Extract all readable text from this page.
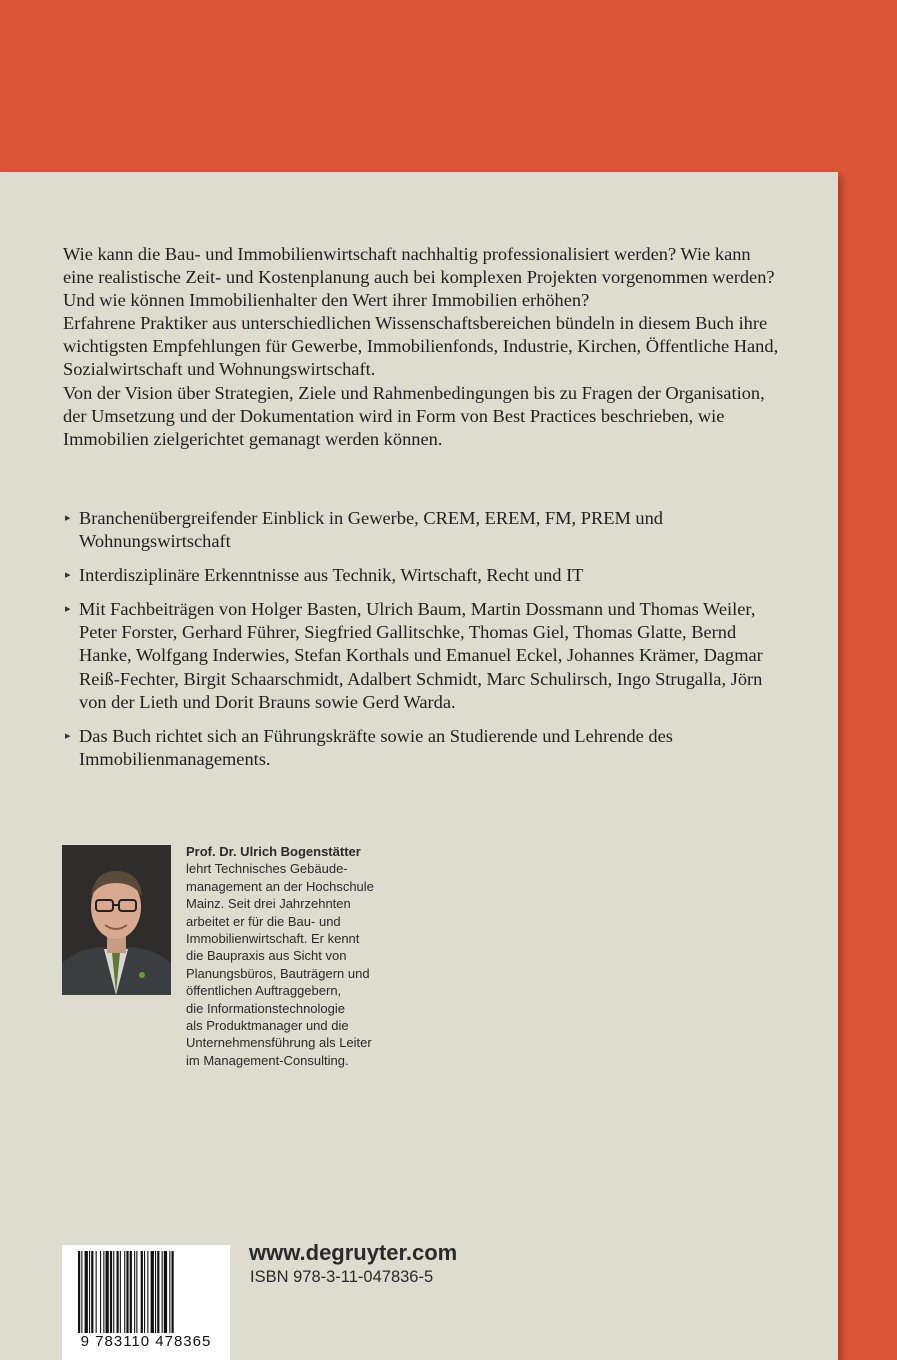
Wie kann die Bau- und Immobilienwirtschaft nachhaltig professionalisiert werden? Wie kann eine realistische Zeit- und Kostenplanung auch bei komplexen Projekten vorgenommen werden? Und wie können Immobilienhalter den Wert ihrer Immobilien erhöhen?

Erfahrene Praktiker aus unterschiedlichen Wissenschaftsbereichen bündeln in diesem Buch ihre wichtigsten Empfehlungen für Gewerbe, Immobilienfonds, Industrie, Kirchen, Öffentliche Hand, Sozialwirtschaft und Wohnungswirtschaft.

Von der Vision über Strategien, Ziele und Rahmenbedingungen bis zu Fragen der Organisation, der Umsetzung und der Dokumentation wird in Form von Best Practices beschrieben, wie Immobilien zielgerichtet gemanagt werden können.

▸ Branchenübergreifender Einblick in Gewerbe, CREM, EREM, FM, PREM und Wohnungswirtschaft
▸ Interdisziplinäre Erkenntnisse aus Technik, Wirtschaft, Recht und IT
▸ Mit Fachbeiträgen von Holger Basten, Ulrich Baum, Martin Dossmann und Thomas Weiler, Peter Forster, Gerhard Führer, Siegfried Gallitschke, Thomas Giel, Thomas Glatte, Bernd Hanke, Wolfgang Inderwies, Stefan Korthals und Emanuel Eckel, Johannes Krämer, Dagmar Reiß-Fechter, Birgit Schaarschmidt, Adalbert Schmidt, Marc Schulirsch, Ingo Strugalla, Jörn von der Lieth und Dorit Brauns sowie Gerd Warda.
▸ Das Buch richtet sich an Führungskräfte sowie an Studierende und Lehrende des Immobilienmanagements.
Prof. Dr. Ulrich Bogenstätter
lehrt Technisches Gebäude-
management an der Hochschule
Mainz. Seit drei Jahrzehnten
arbeitet er für die Bau- und
Immobilienwirtschaft. Er kennt
die Baupraxis aus Sicht von
Planungsbüros, Bauträgern und
öffentlichen Auftraggebern,
die Informationstechnologie
als Produktmanager und die
Unternehmensführung als Leiter
im Management-Consulting.
9 783110 478365
www.degruyter.com
ISBN 978-3-11-047836-5
